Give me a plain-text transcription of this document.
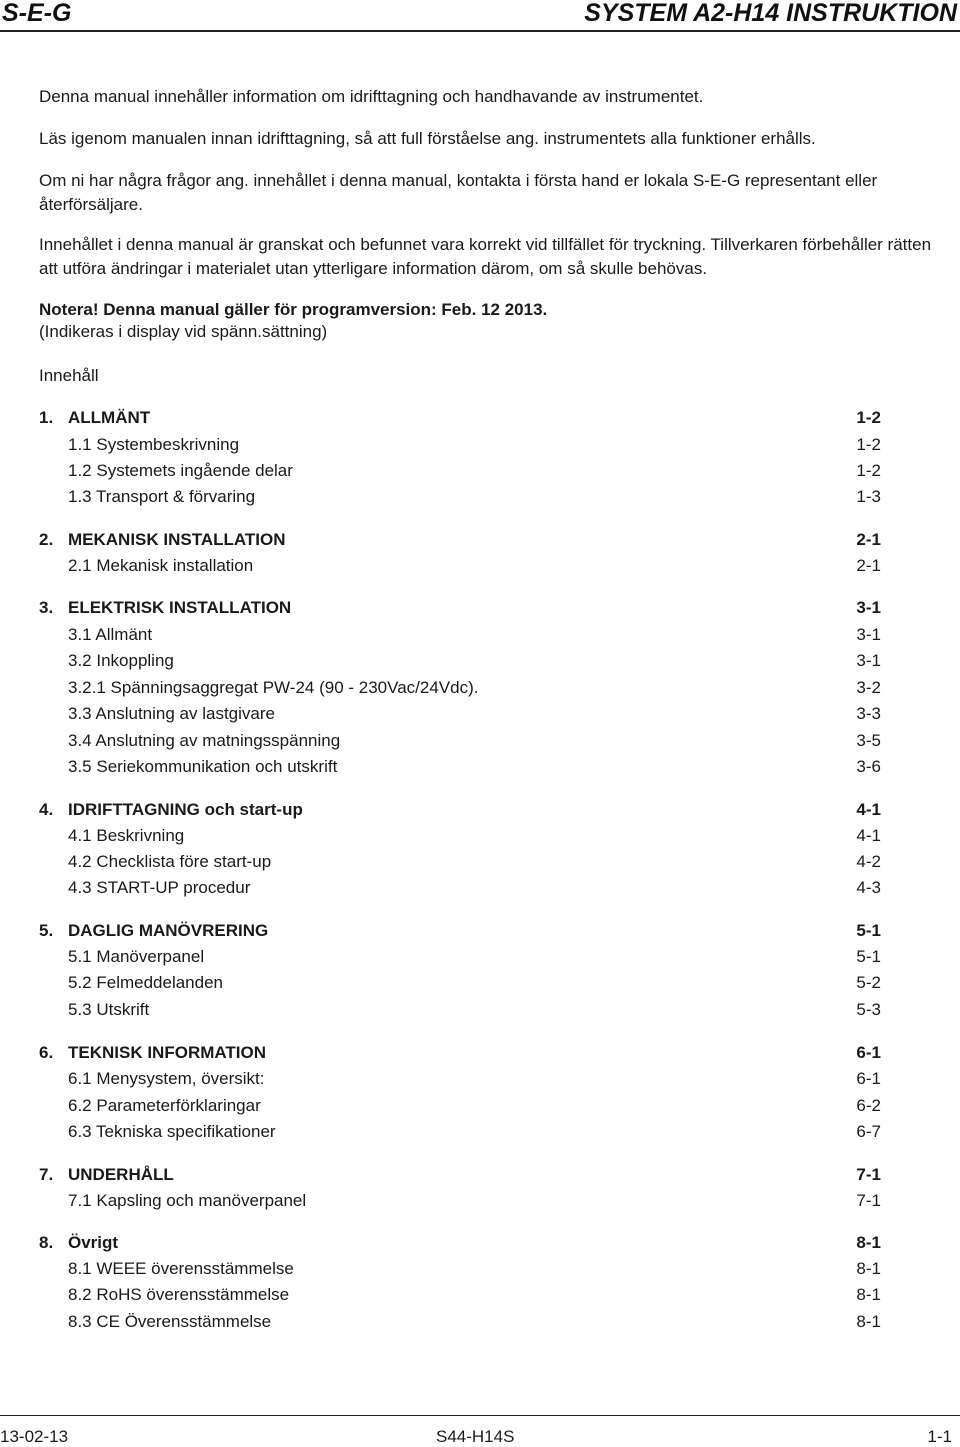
S-E-G	SYSTEM A2-H14 INSTRUKTION

Denna manual innehåller information om idrifttagning och handhavande av instrumentet.

Läs igenom manualen innan idrifttagning, så att full förståelse ang. instrumentets alla funktioner erhålls.

Om ni har några frågor ang. innehållet i denna manual, kontakta i första hand er lokala S-E-G representant eller återförsäljare.

Innehållet i denna manual är granskat och befunnet vara korrekt vid tillfället för tryckning. Tillverkaren förbehåller rätten att utföra ändringar i materialet utan ytterligare information därom, om så skulle behövas.

Notera! Denna manual gäller för programversion: Feb. 12 2013.

(Indikeras i display vid spänn.sättning)

Innehåll

1. ALLMÄNT	1-2
1.1 Systembeskrivning	1-2
1.2 Systemets ingående delar	1-2
1.3 Transport & förvaring	1-3
2. MEKANISK INSTALLATION	2-1
2.1 Mekanisk installation	2-1
3. ELEKTRISK INSTALLATION	3-1
3.1 Allmänt	3-1
3.2 Inkoppling	3-1
3.2.1 Spänningsaggregat PW-24 (90 - 230Vac/24Vdc).	3-2
3.3 Anslutning av lastgivare	3-3
3.4 Anslutning av matningsspänning	3-5
3.5 Seriekommunikation och utskrift	3-6
4. IDRIFTTAGNING och start-up	4-1
4.1 Beskrivning	4-1
4.2 Checklista före start-up	4-2
4.3 START-UP procedur	4-3
5. DAGLIG MANÖVRERING	5-1
5.1 Manöverpanel	5-1
5.2 Felmeddelanden	5-2
5.3 Utskrift	5-3
6. TEKNISK INFORMATION	6-1
6.1 Menysystem, översikt:	6-1
6.2 Parameterförklaringar	6-2
6.3 Tekniska specifikationer	6-7
7. UNDERHÅLL	7-1
7.1 Kapsling och manöverpanel	7-1
8. Övrigt	8-1
8.1 WEEE överensstämmelse	8-1
8.2 RoHS överensstämmelse	8-1
8.3 CE Överensstämmelse	8-1
13-02-13	S44-H14S	1-1
